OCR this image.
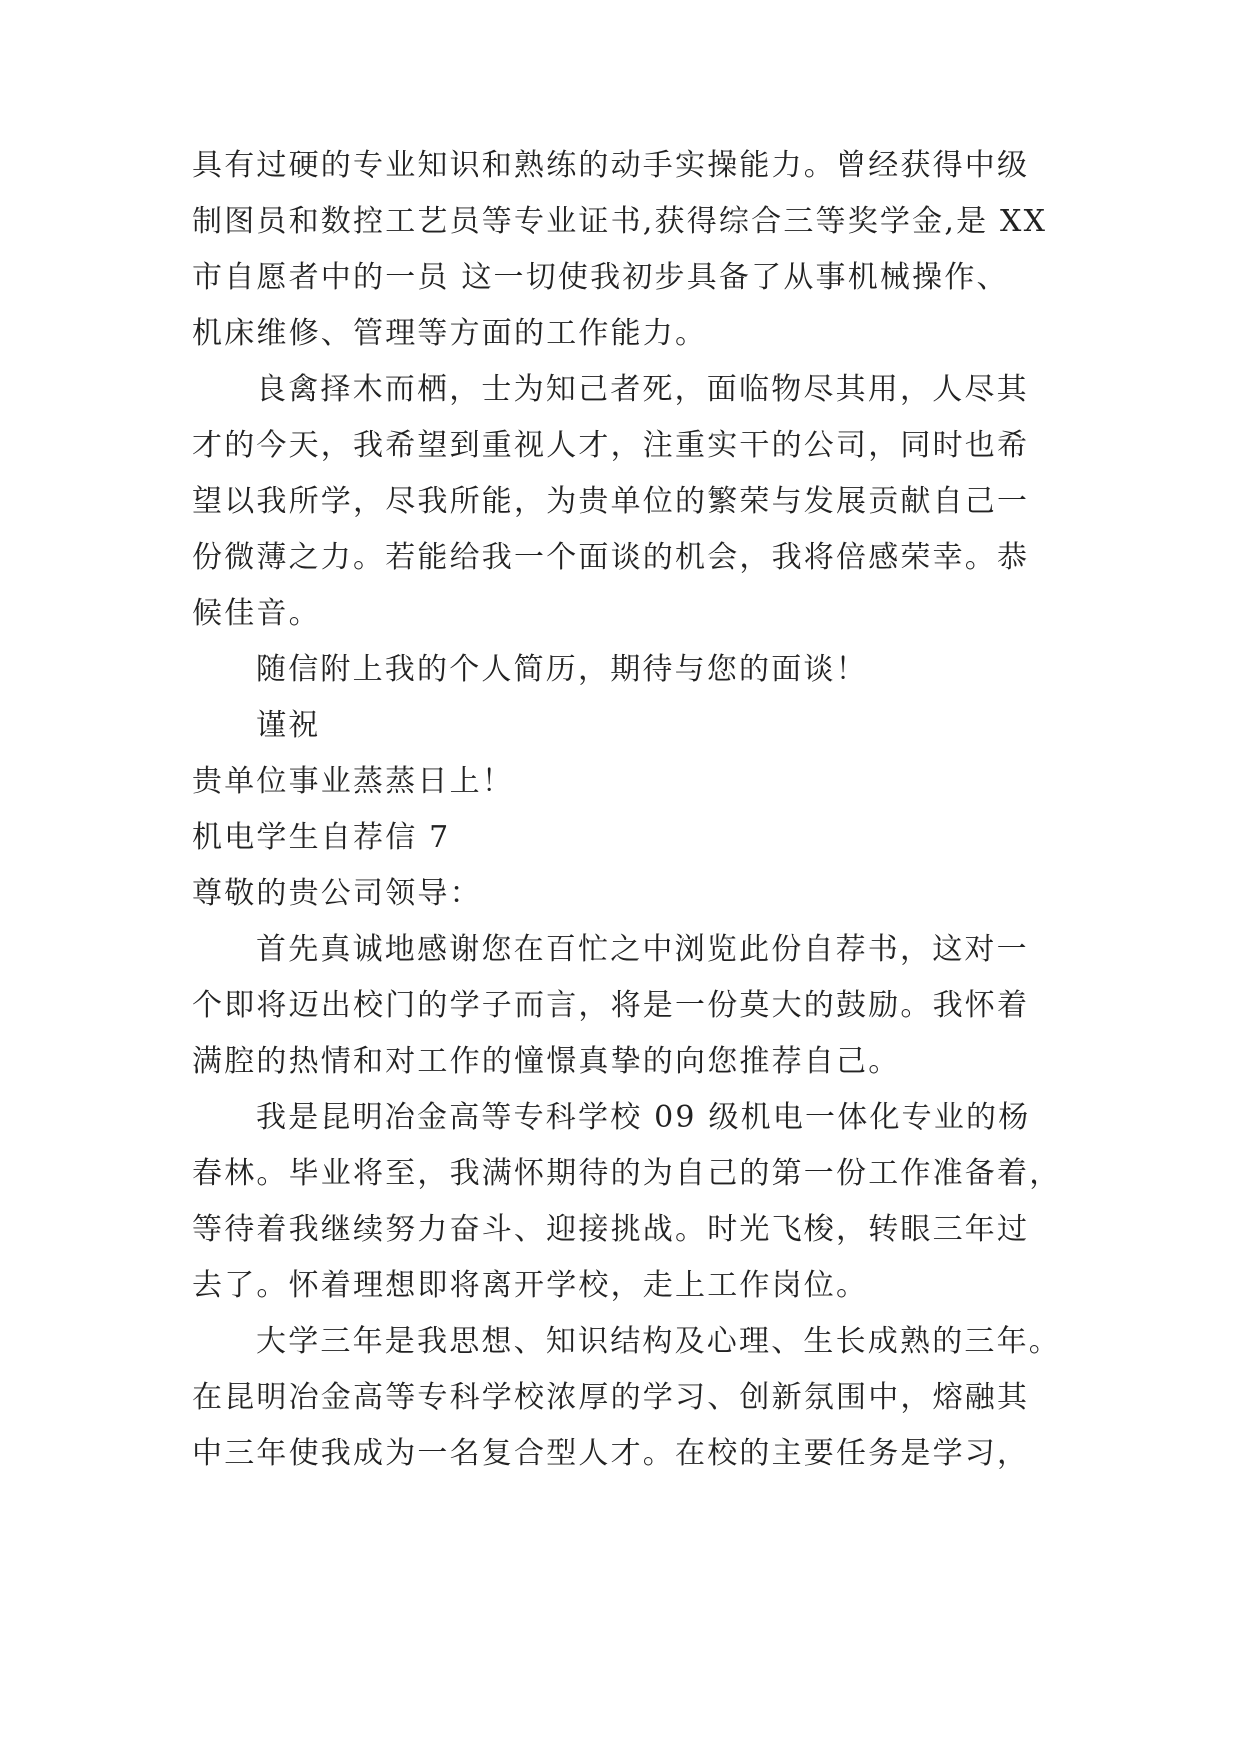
具有过硬的专业知识和熟练的动手实操能力。曾经获得中级
制图员和数控工艺员等专业证书,获得综合三等奖学金,是 XX
市自愿者中的一员 这一切使我初步具备了从事机械操作、
机床维修、管理等方面的工作能力。
良禽择木而栖，士为知己者死，面临物尽其用，人尽其
才的今天，我希望到重视人才，注重实干的公司，同时也希
望以我所学，尽我所能，为贵单位的繁荣与发展贡献自己一
份微薄之力。若能给我一个面谈的机会，我将倍感荣幸。恭
候佳音。
随信附上我的个人简历，期待与您的面谈！
谨祝
贵单位事业蒸蒸日上！
机电学生自荐信 7
尊敬的贵公司领导：
首先真诚地感谢您在百忙之中浏览此份自荐书，这对一
个即将迈出校门的学子而言，将是一份莫大的鼓励。我怀着
满腔的热情和对工作的憧憬真挚的向您推荐自己。
我是昆明冶金高等专科学校 09 级机电一体化专业的杨
春林。毕业将至，我满怀期待的为自己的第一份工作准备着，
等待着我继续努力奋斗、迎接挑战。时光飞梭，转眼三年过
去了。怀着理想即将离开学校，走上工作岗位。
大学三年是我思想、知识结构及心理、生长成熟的三年。
在昆明冶金高等专科学校浓厚的学习、创新氛围中，熔融其
中三年使我成为一名复合型人才。在校的主要任务是学习，
